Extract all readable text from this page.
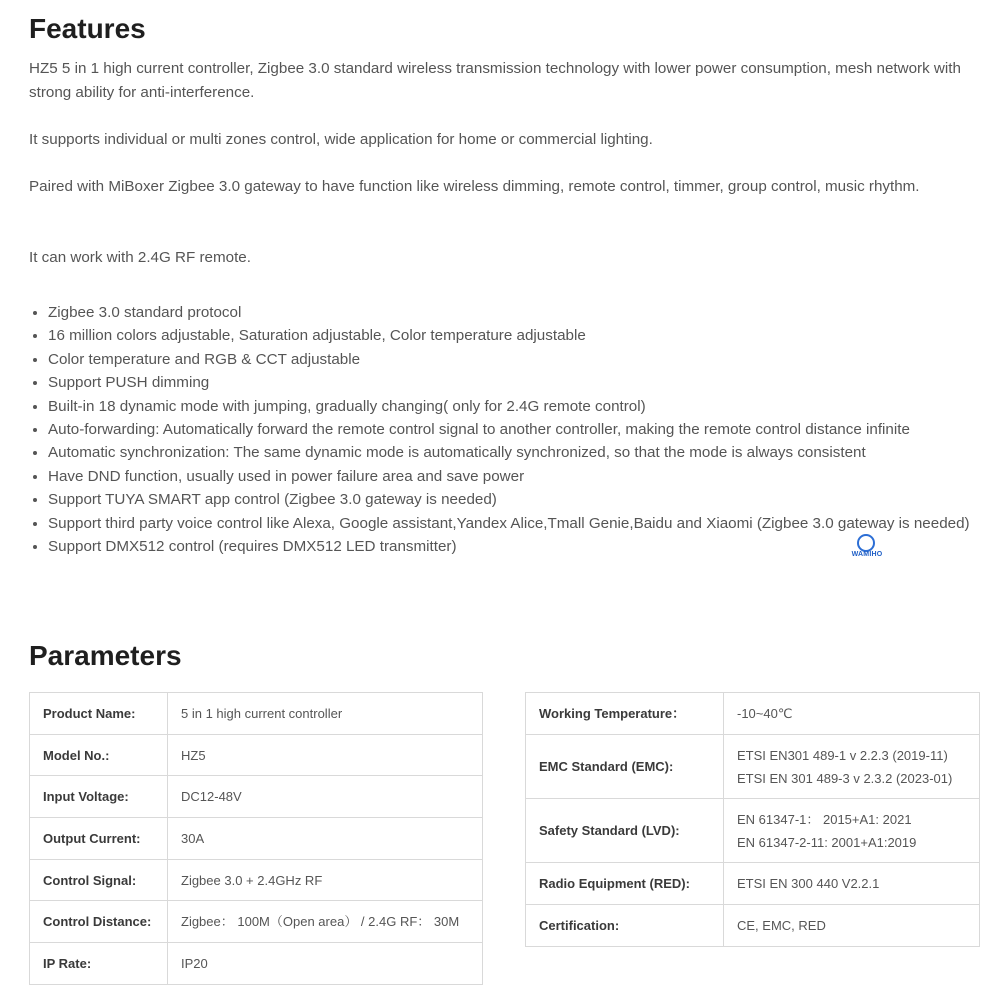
Features

HZ5 5 in 1 high current controller, Zigbee 3.0 standard wireless transmission technology with lower power consumption, mesh network with strong ability for anti-interference.

It supports individual or multi zones control, wide application for home or commercial lighting.

Paired with MiBoxer Zigbee 3.0 gateway to have function like wireless dimming, remote control, timmer, group control, music rhythm.

It can work with 2.4G RF remote.

• Zigbee 3.0 standard protocol
• 16 million colors adjustable, Saturation adjustable, Color temperature adjustable
• Color temperature and RGB & CCT adjustable
• Support PUSH dimming
• Built-in 18 dynamic mode with jumping, gradually changing( only for 2.4G remote control)
• Auto-forwarding: Automatically forward the remote control signal to another controller, making the remote control distance infinite
• Automatic synchronization: The same dynamic mode is automatically synchronized, so that the mode is always consistent
• Have DND function, usually used in power failure area and save power
• Support TUYA SMART app control (Zigbee 3.0 gateway is needed)
• Support third party voice control like Alexa, Google assistant,Yandex Alice,Tmall Genie,Baidu and Xiaomi (Zigbee 3.0 gateway is needed)
• Support DMX512 control (requires DMX512 LED transmitter)	WAMIHO
Parameters
Product Name:	5 in 1 high current controller
Model No.:	HZ5
Input Voltage:	DC12-48V
Output Current:	30A
Control Signal:	Zigbee 3.0 + 2.4GHz RF
Control Distance:	Zigbee： 100M（Open area） / 2.4G RF： 30M
IP Rate:	IP20
Working Temperature：	-10~40℃

EMC Standard (EMC):	ETSI EN301 489-1 v 2.2.3 (2019-11)
ETSI EN 301 489-3 v 2.3.2 (2023-01)

Safety Standard (LVD):	EN 61347-1： 2015+A1: 2021
EN 61347-2-11: 2001+A1:2019

Radio Equipment (RED):	ETSI EN 300 440 V2.2.1

Certification:	CE, EMC, RED
